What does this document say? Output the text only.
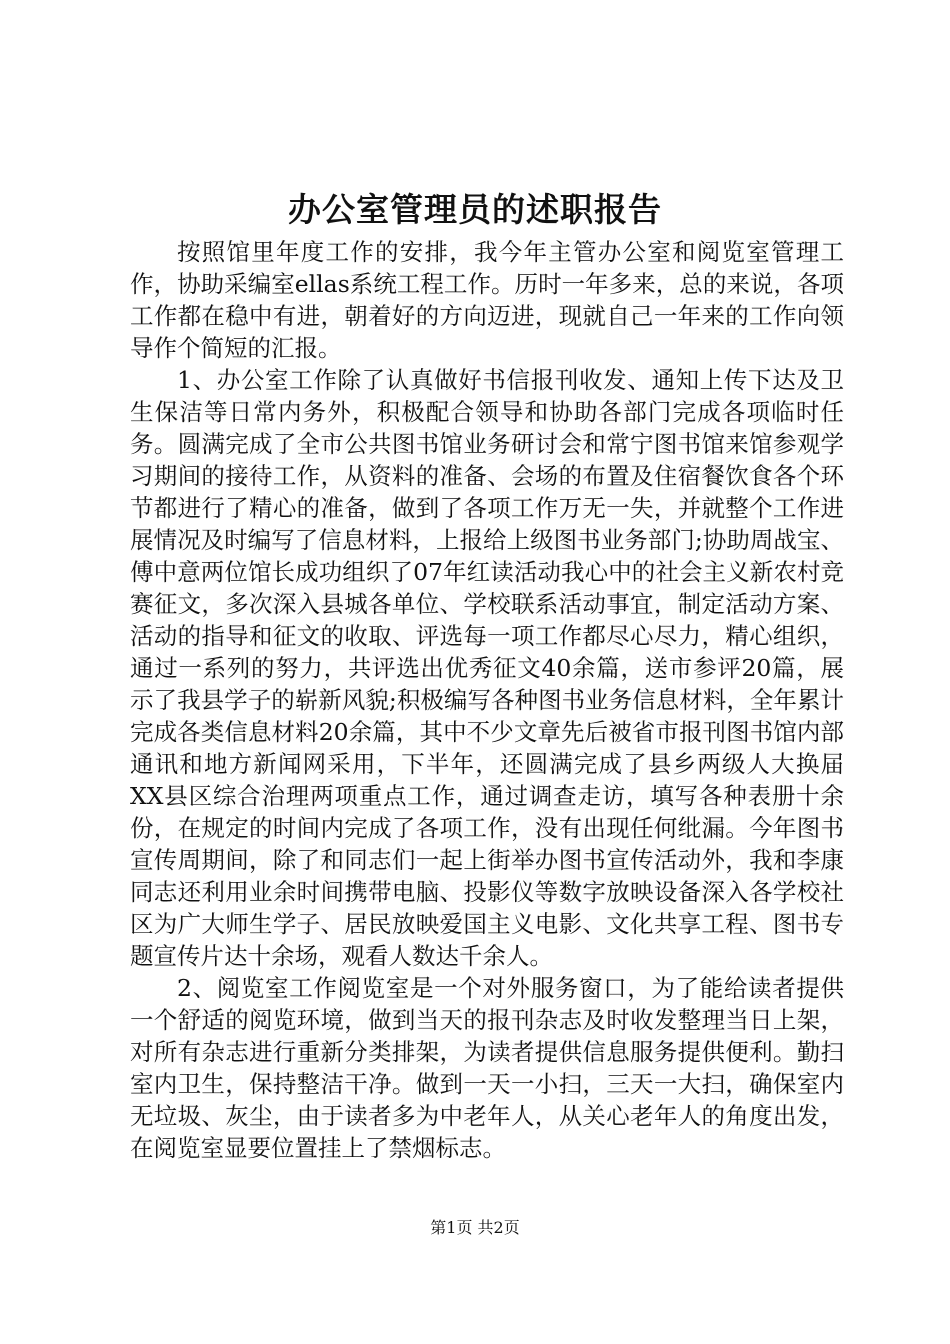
办公室管理员的述职报告

按照馆里年度工作的安排，我今年主管办公室和阅览室管理工作，协助采编室ellas系统工程工作。历时一年多来，总的来说，各项工作都在稳中有进，朝着好的方向迈进，现就自己一年来的工作向领导作个简短的汇报。

1、办公室工作除了认真做好书信报刊收发、通知上传下达及卫生保洁等日常内务外，积极配合领导和协助各部门完成各项临时任务。圆满完成了全市公共图书馆业务研讨会和常宁图书馆来馆参观学习期间的接待工作，从资料的准备、会场的布置及住宿餐饮食各个环节都进行了精心的准备，做到了各项工作万无一失，并就整个工作进展情况及时编写了信息材料，上报给上级图书业务部门;协助周战宝、傅中意两位馆长成功组织了07年红读活动我心中的社会主义新农村竞赛征文，多次深入县城各单位、学校联系活动事宜，制定活动方案、活动的指导和征文的收取、评选每一项工作都尽心尽力，精心组织，通过一系列的努力，共评选出优秀征文40余篇，送市参评20篇，展示了我县学子的崭新风貌;积极编写各种图书业务信息材料，全年累计完成各类信息材料20余篇，其中不少文章先后被省市报刊图书馆内部通讯和地方新闻网采用，下半年，还圆满完成了县乡两级人大换届XX县区综合治理两项重点工作，通过调查走访，填写各种表册十余份，在规定的时间内完成了各项工作，没有出现任何纰漏。今年图书宣传周期间，除了和同志们一起上街举办图书宣传活动外，我和李康同志还利用业余时间携带电脑、投影仪等数字放映设备深入各学校社区为广大师生学子、居民放映爱国主义电影、文化共享工程、图书专题宣传片达十余场，观看人数达千余人。

2、阅览室工作阅览室是一个对外服务窗口，为了能给读者提供一个舒适的阅览环境，做到当天的报刊杂志及时收发整理当日上架，对所有杂志进行重新分类排架，为读者提供信息服务提供便利。勤扫室内卫生，保持整洁干净。做到一天一小扫，三天一大扫，确保室内无垃圾、灰尘，由于读者多为中老年人，从关心老年人的角度出发，在阅览室显要位置挂上了禁烟标志。

第1页 共2页
